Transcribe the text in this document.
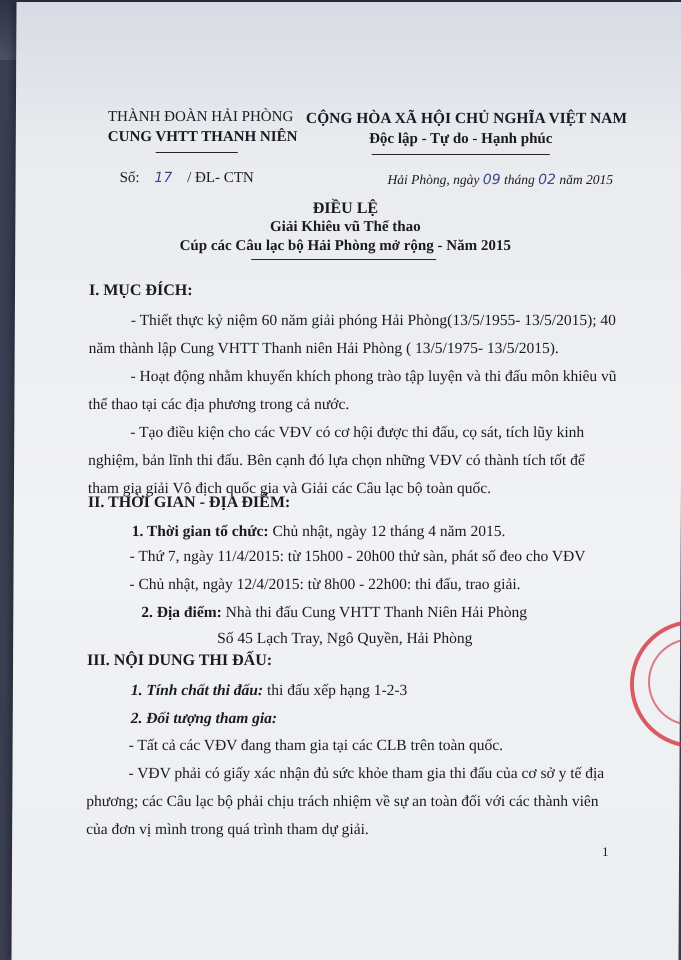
THÀNH ĐOÀN HẢI PHÒNG
CUNG VHTT THANH NIÊN
Số: 17 / ĐL- CTN
CỘNG HÒA XÃ HỘI CHỦ NGHĨA VIỆT NAM
Độc lập - Tự do - Hạnh phúc
Hải Phòng, ngày 09 tháng 02 năm 2015
ĐIỀU LỆ
Giải Khiêu vũ Thể thao
Cúp các Câu lạc bộ Hải Phòng mở rộng - Năm 2015
I. MỤC ĐÍCH:
- Thiết thực kỷ niệm 60 năm giải phóng Hải Phòng(13/5/1955- 13/5/2015); 40
năm thành lập Cung VHTT Thanh niên Hải Phòng ( 13/5/1975- 13/5/2015).
- Hoạt động nhằm khuyến khích phong trào tập luyện và thi đấu môn khiêu vũ
thể thao tại các địa phương trong cả nước.
- Tạo điều kiện cho các VĐV có cơ hội được thi đấu, cọ sát, tích lũy kinh
nghiệm, bản lĩnh thi đấu. Bên cạnh đó lựa chọn những VĐV có thành tích tốt để
tham gia giải Vô địch quốc gia và Giải các Câu lạc bộ toàn quốc.
II. THỜI GIAN - ĐỊA ĐIỂM:
1. Thời gian tổ chức: Chủ nhật, ngày 12 tháng 4 năm 2015.
- Thứ 7, ngày 11/4/2015: từ 15h00 - 20h00 thử sàn, phát số đeo cho VĐV
- Chủ nhật, ngày 12/4/2015: từ 8h00 - 22h00: thi đấu, trao giải.
2. Địa điểm: Nhà thi đấu Cung VHTT Thanh Niên Hải Phòng
Số 45 Lạch Tray, Ngô Quyền, Hải Phòng
III. NỘI DUNG THI ĐẤU:
1. Tính chất thi đấu: thi đấu xếp hạng 1-2-3
2. Đối tượng tham gia:
- Tất cả các VĐV đang tham gia tại các CLB trên toàn quốc.
- VĐV phải có giấy xác nhận đủ sức khỏe tham gia thi đấu của cơ sở y tế địa
phương; các Câu lạc bộ phải chịu trách nhiệm về sự an toàn đối với các thành viên
của đơn vị mình trong quá trình tham dự giải.
1
